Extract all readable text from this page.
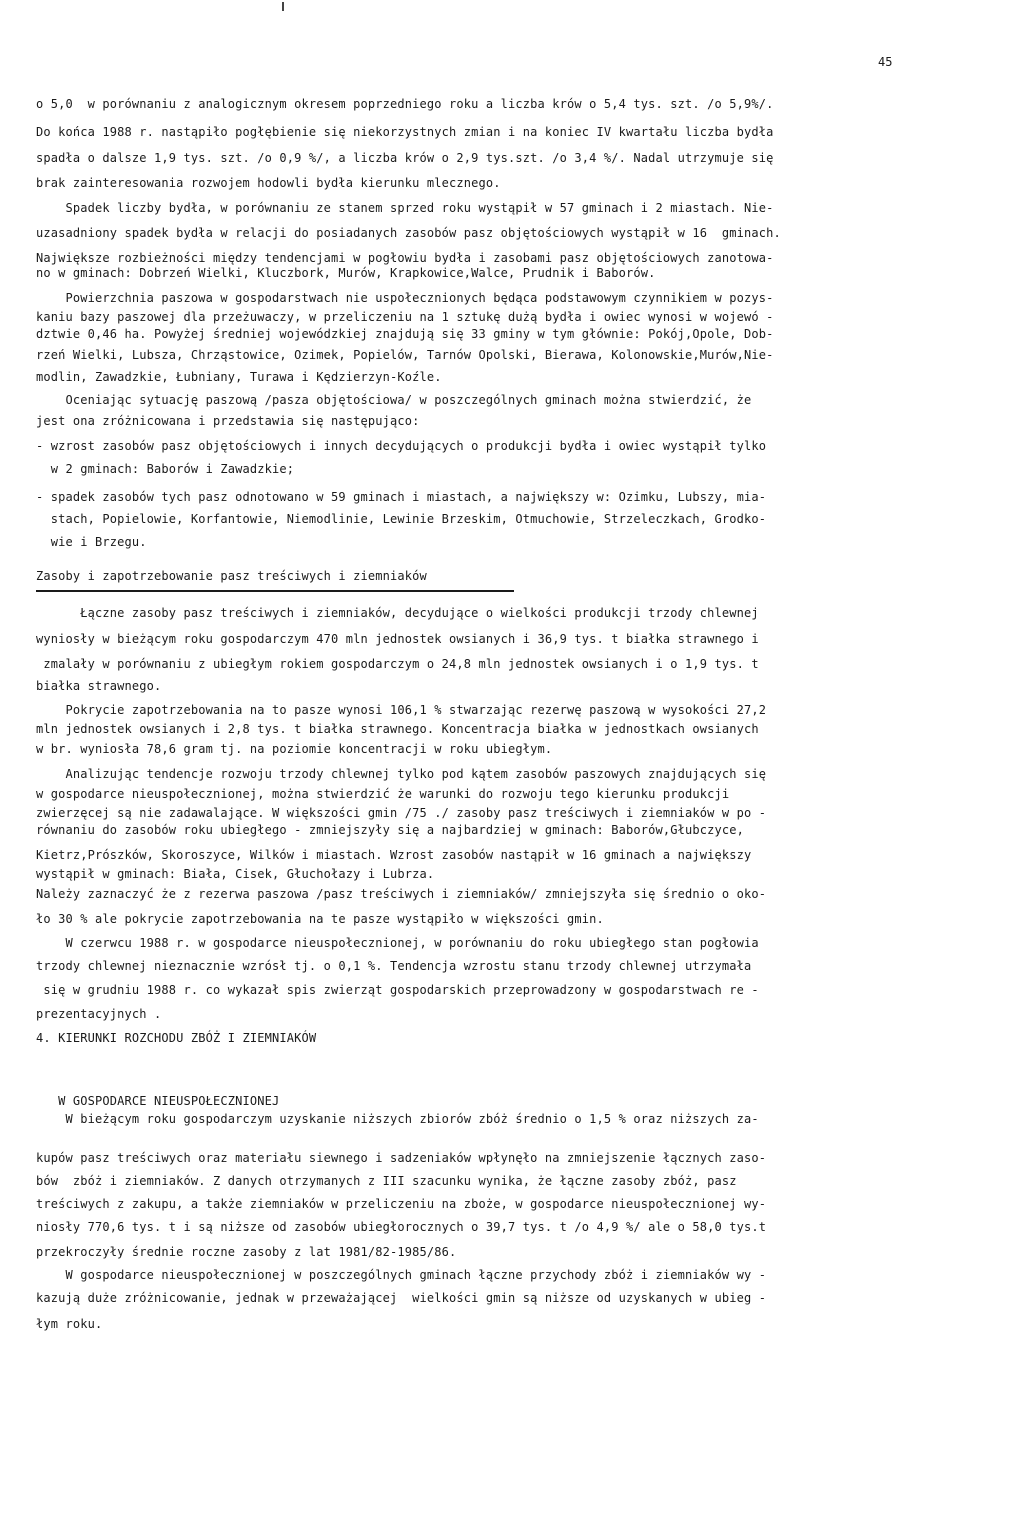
45
o 5,0  w porównaniu z analogicznym okresem poprzedniego roku a liczba krów o 5,4 tys. szt. /o 5,9%/.
Do końca 1988 r. nastąpiło pogłębienie się niekorzystnych zmian i na koniec IV kwartału liczba bydła
spadła o dalsze 1,9 tys. szt. /o 0,9 %/, a liczba krów o 2,9 tys.szt. /o 3,4 %/. Nadal utrzymuje się
brak zainteresowania rozwojem hodowli bydła kierunku mlecznego.
Spadek liczby bydła, w porównaniu ze stanem sprzed roku wystąpił w 57 gminach i 2 miastach. Nie-
uzasadniony spadek bydła w relacji do posiadanych zasobów pasz objętościowych wystąpił w 16  gminach.
Największe rozbieżności między tendencjami w pogłowiu bydła i zasobami pasz objętościowych zanotowa-
no w gminach: Dobrzeń Wielki, Kluczbork, Murów, Krapkowice,Walce, Prudnik i Baborów.
Powierzchnia paszowa w gospodarstwach nie uspołecznionych będąca podstawowym czynnikiem w pozys-
kaniu bazy paszowej dla przeżuwaczy, w przeliczeniu na 1 sztukę dużą bydła i owiec wynosi w wojewó -
dztwie 0,46 ha. Powyżej średniej wojewódzkiej znajdują się 33 gminy w tym głównie: Pokój,Opole, Dob-
rzeń Wielki, Lubsza, Chrząstowice, Ozimek, Popielów, Tarnów Opolski, Bierawa, Kolonowskie,Murów,Nie-
modlin, Zawadzkie, Łubniany, Turawa i Kędzierzyn-Koźle.
Oceniając sytuację paszową /pasza objętościowa/ w poszczególnych gminach można stwierdzić, że
jest ona zróżnicowana i przedstawia się następująco:
- wzrost zasobów pasz objętościowych i innych decydujących o produkcji bydła i owiec wystąpił tylko
w 2 gminach: Baborów i Zawadzkie;
- spadek zasobów tych pasz odnotowano w 59 gminach i miastach, a największy w: Ozimku, Lubszy, mia-
stach, Popielowie, Korfantowie, Niemodlinie, Lewinie Brzeskim, Otmuchowie, Strzeleczkach, Grodko-
wie i Brzegu.
Zasoby i zapotrzebowanie pasz treściwych i ziemniaków
Łączne zasoby pasz treściwych i ziemniaków, decydujące o wielkości produkcji trzody chlewnej
wyniosły w bieżącym roku gospodarczym 470 mln jednostek owsianych i 36,9 tys. t białka strawnego i
zmalały w porównaniu z ubiegłym rokiem gospodarczym o 24,8 mln jednostek owsianych i o 1,9 tys. t
białka strawnego.
Pokrycie zapotrzebowania na to pasze wynosi 106,1 % stwarzając rezerwę paszową w wysokości 27,2
mln jednostek owsianych i 2,8 tys. t białka strawnego. Koncentracja białka w jednostkach owsianych
w br. wyniosła 78,6 gram tj. na poziomie koncentracji w roku ubiegłym.
Analizując tendencje rozwoju trzody chlewnej tylko pod kątem zasobów paszowych znajdujących się
w gospodarce nieuspołecznionej, można stwierdzić że warunki do rozwoju tego kierunku produkcji
zwierzęcej są nie zadawalające. W większości gmin /75 ./ zasoby pasz treściwych i ziemniaków w po -
równaniu do zasobów roku ubiegłego - zmniejszyły się a najbardziej w gminach: Baborów,Głubczyce,
Kietrz,Prószków, Skoroszyce, Wilków i miastach. Wzrost zasobów nastąpił w 16 gminach a największy
wystąpił w gminach: Biała, Cisek, Głuchołazy i Lubrza.
Należy zaznaczyć że z rezerwa paszowa /pasz treściwych i ziemniaków/ zmniejszyła się średnio o oko-
ło 30 % ale pokrycie zapotrzebowania na te pasze wystąpiło w większości gmin.
W czerwcu 1988 r. w gospodarce nieuspołecznionej, w porównaniu do roku ubiegłego stan pogłowia
trzody chlewnej nieznacznie wzrósł tj. o 0,1 %. Tendencja wzrostu stanu trzody chlewnej utrzymała
się w grudniu 1988 r. co wykazał spis zwierząt gospodarskich przeprowadzony w gospodarstwach re -
prezentacyjnych .
4. KIERUNKI ROZCHODU ZBÓŻ I ZIEMNIAKÓW
W GOSPODARCE NIEUSPOŁECZNIONEJ
W bieżącym roku gospodarczym uzyskanie niższych zbiorów zbóż średnio o 1,5 % oraz niższych za-
kupów pasz treściwych oraz materiału siewnego i sadzeniaków wpłynęło na zmniejszenie łącznych zaso-
bów  zbóż i ziemniaków. Z danych otrzymanych z III szacunku wynika, że łączne zasoby zbóż, pasz
treściwych z zakupu, a także ziemniaków w przeliczeniu na zboże, w gospodarce nieuspołecznionej wy-
niosły 770,6 tys. t i są niższe od zasobów ubiegłorocznych o 39,7 tys. t /o 4,9 %/ ale o 58,0 tys.t
przekroczyły średnie roczne zasoby z lat 1981/82-1985/86.
W gospodarce nieuspołecznionej w poszczególnych gminach łączne przychody zbóż i ziemniaków wy -
kazują duże zróżnicowanie, jednak w przeważającej  wielkości gmin są niższe od uzyskanych w ubieg -
łym roku.
